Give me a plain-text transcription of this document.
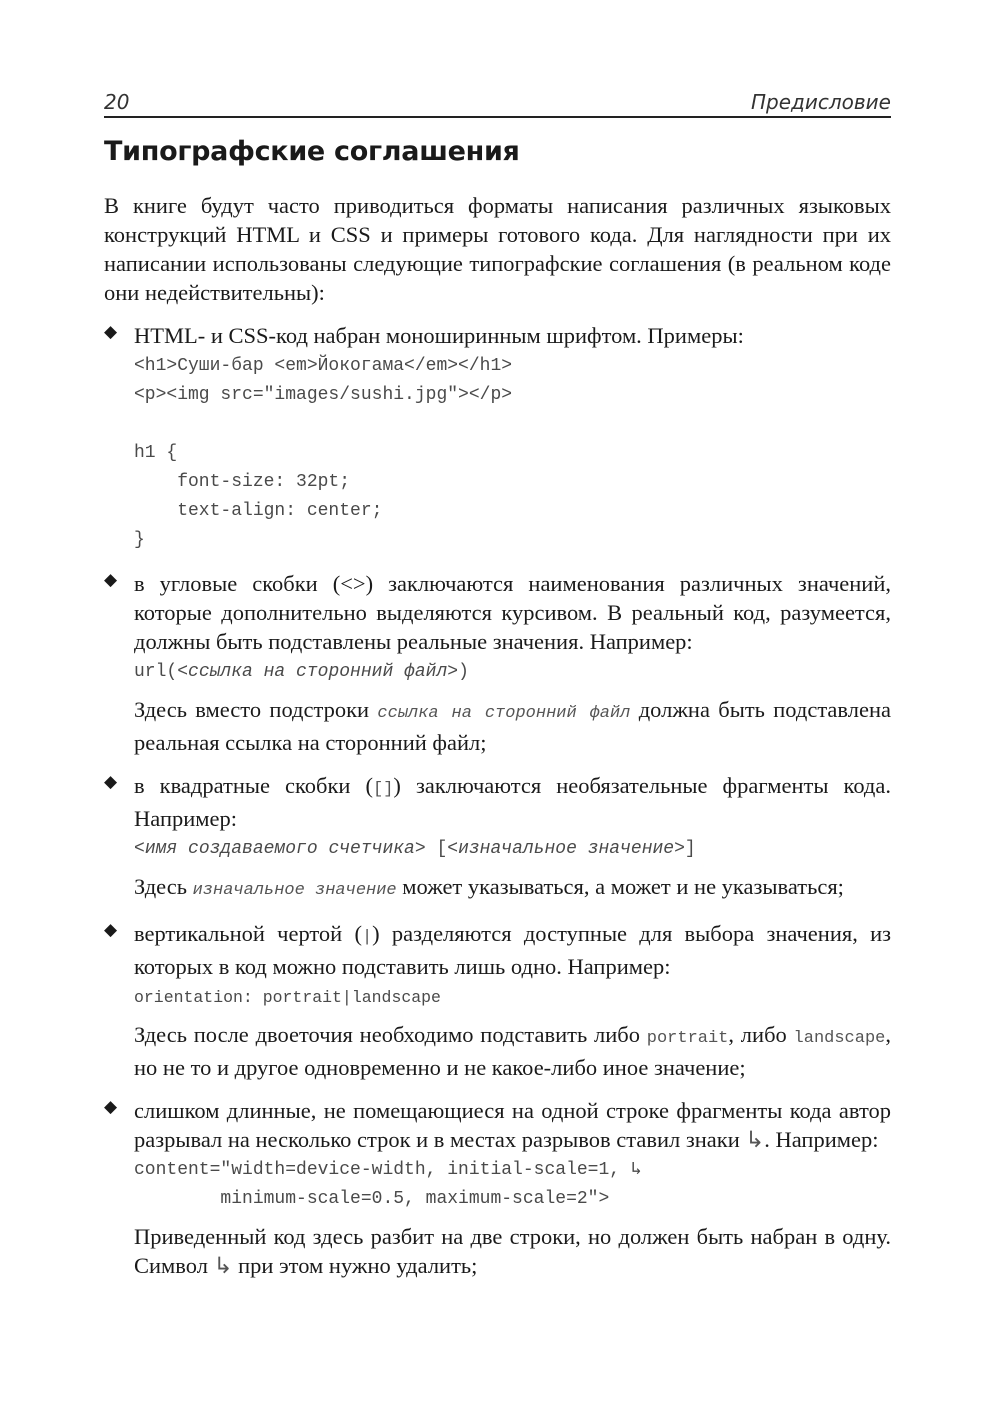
20	Предисловие
Типографские соглашения

В книге будут часто приводиться форматы написания различных языковых конструкций HTML и CSS и примеры готового кода. Для наглядности при их написании использованы следующие типографские соглашения (в реальном коде они недействительны):

◆ HTML- и CSS-код набран моноширинным шрифтом. Примеры:
<h1>Суши-бар <em>Йокогама</em></h1>
<p><img src="images/sushi.jpg"></p>

h1 {
font-size: 32pt;
text-align: center;
}
◆ в угловые скобки (<>) заключаются наименования различных значений, которые дополнительно выделяются курсивом. В реальный код, разумеется, должны быть подставлены реальные значения. Например:
url(<ссылка на сторонний файл>)
Здесь вместо подстроки ссылка на сторонний файл должна быть подставлена реальная ссылка на сторонний файл;
◆ в квадратные скобки ([]) заключаются необязательные фрагменты кода. Например:
<имя создаваемого счетчика> [<изначальное значение>]
Здесь изначальное значение может указываться, а может и не указываться;
◆ вертикальной чертой (|) разделяются доступные для выбора значения, из которых в код можно подставить лишь одно. Например:
orientation: portrait|landscape
Здесь после двоеточия необходимо подставить либо portrait, либо landscape, но не то и другое одновременно и не какое-либо иное значение;
◆ слишком длинные, не помещающиеся на одной строке фрагменты кода автор разрывал на несколько строк и в местах разрывов ставил знаки ↳. Например:
content="width=device-width, initial-scale=1, ↳
minimum-scale=0.5, maximum-scale=2">
Приведенный код здесь разбит на две строки, но должен быть набран в одну. Символ ↳ при этом нужно удалить;
